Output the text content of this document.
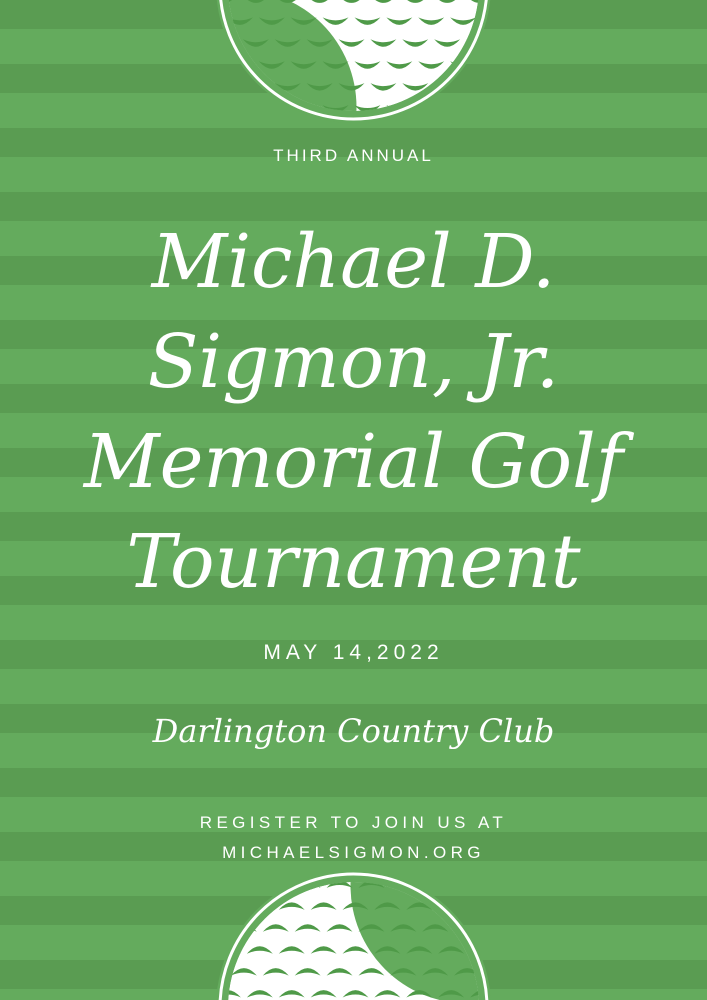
THIRD ANNUAL
Michael D.
Sigmon, Jr.
Memorial Golf
Tournament
MAY 14,2022
Darlington Country Club
REGISTER TO JOIN US AT
MICHAELSIGMON.ORG
